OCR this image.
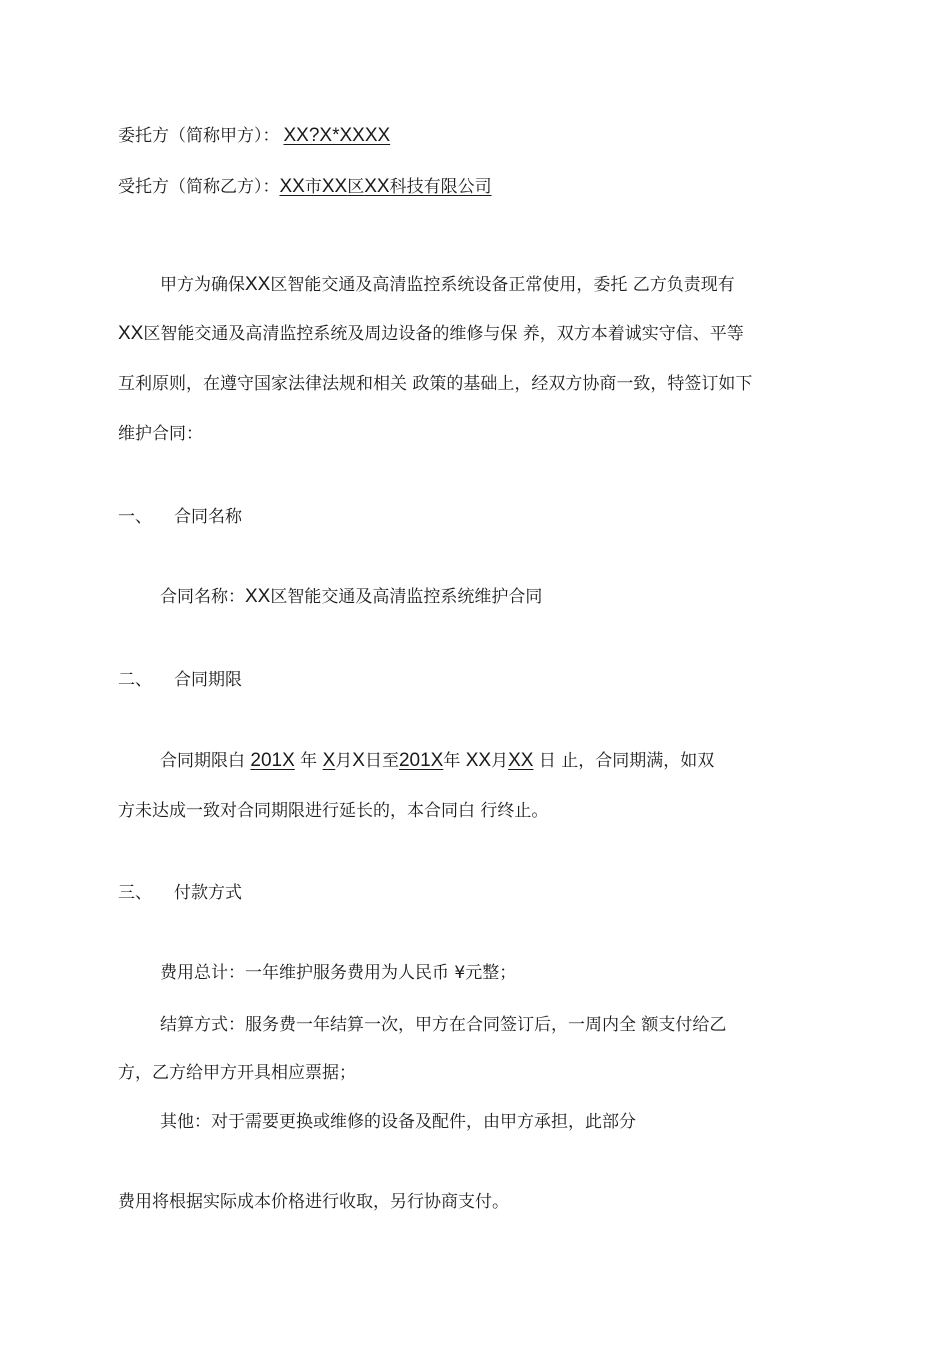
委托方（简称甲方）： XX?X*XXXX
受托方（简称乙方）：XX市XX区XX科技有限公司
甲方为确保XX区智能交通及高清监控系统设备正常使用，委托 乙方负责现有
XX区智能交通及高清监控系统及周边设备的维修与保 养，双方本着诚实守信、平等
互利原则，在遵守国家法律法规和相关 政策的基础上，经双方协商一致，特签订如下
维护合同：
一、 合同名称
合同名称：XX区智能交通及高清监控系统维护合同
二、 合同期限
合同期限白 201X 年 X月X日至201X年 XX月XX 日 止，合同期满，如双
方未达成一致对合同期限进行延长的，本合同白 行终止。
三、 付款方式
费用总计：一年维护服务费用为人民币 ¥元整；
结算方式：服务费一年结算一次，甲方在合同签订后，一周内全 额支付给乙
方，乙方给甲方开具相应票据；
其他：对于需要更换或维修的设备及配件，由甲方承担，此部分
费用将根据实际成本价格进行收取，另行协商支付。
